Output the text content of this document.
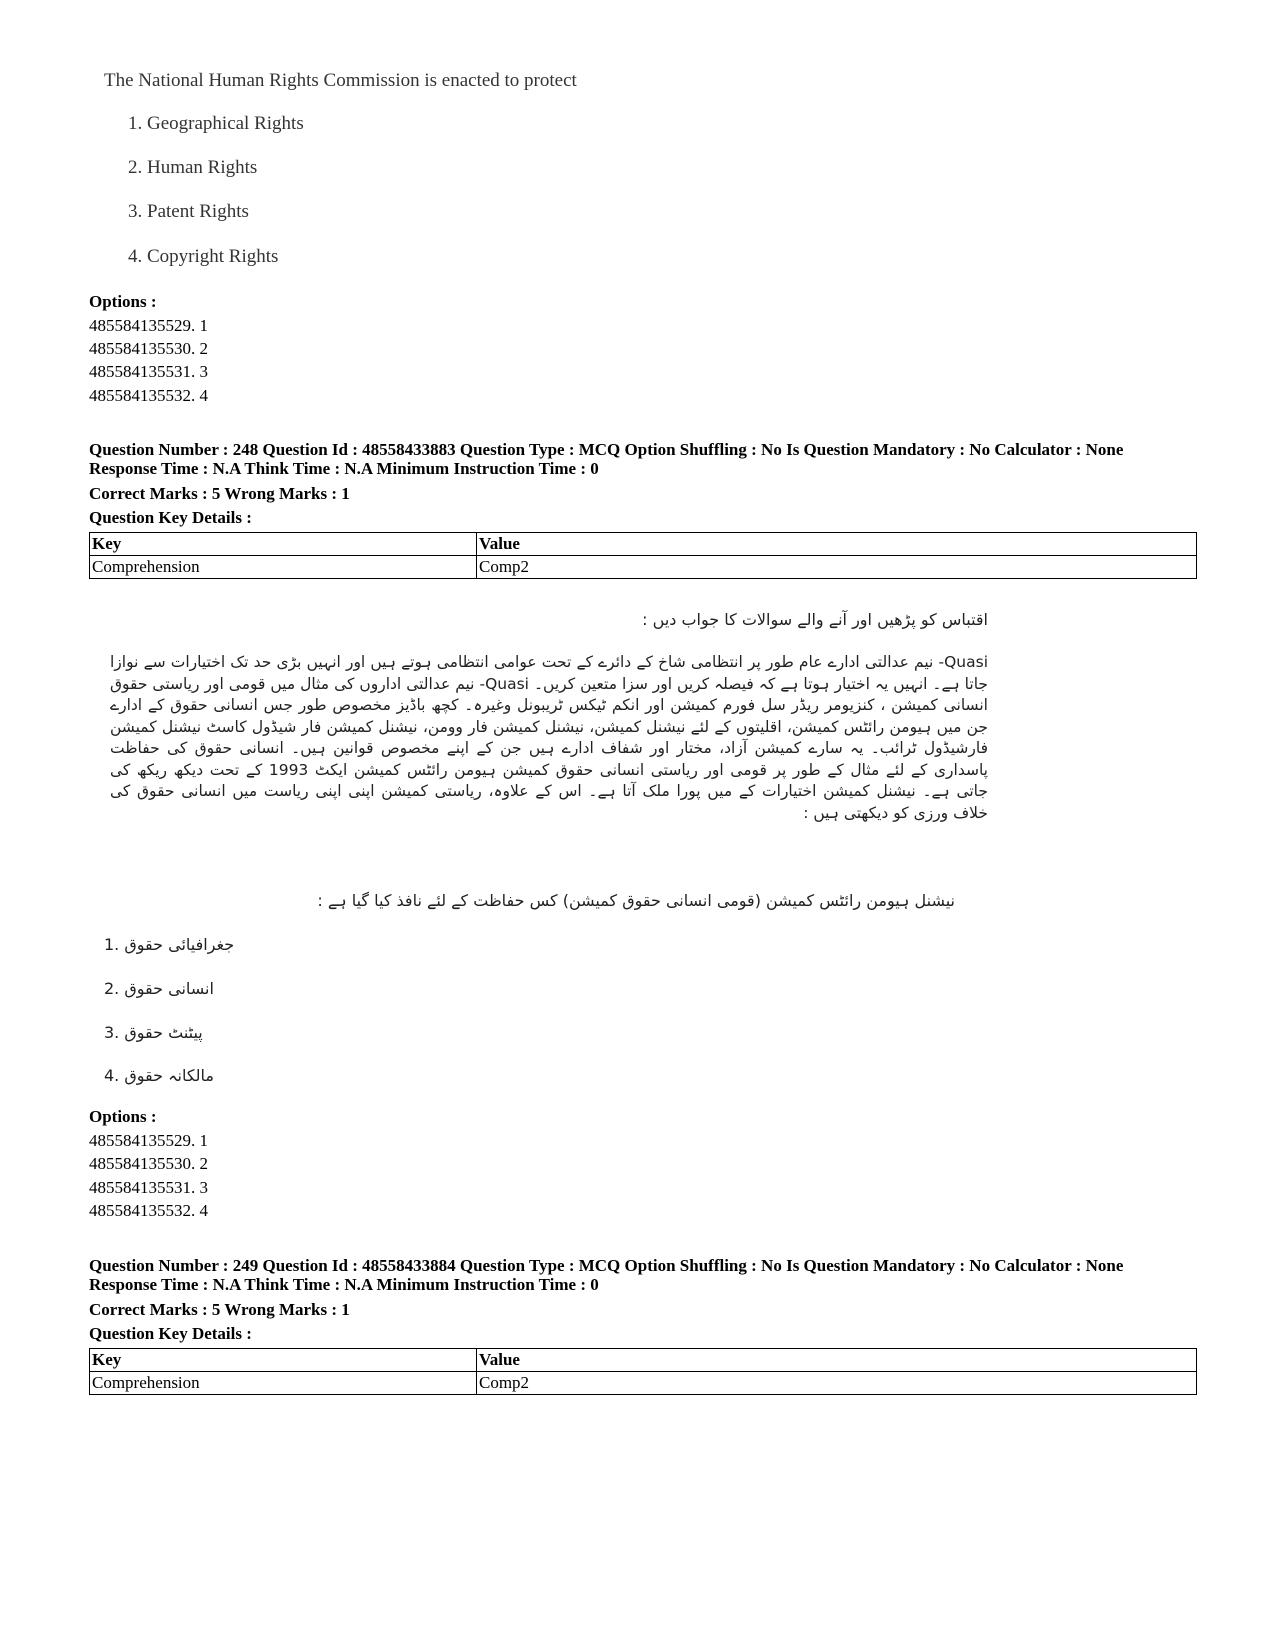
The National Human Rights Commission is enacted to protect
1. Geographical Rights
2. Human Rights
3. Patent Rights
4. Copyright Rights
Options :
485584135529. 1
485584135530. 2
485584135531. 3
485584135532. 4
Question Number : 248 Question Id : 48558433883 Question Type : MCQ Option Shuffling : No Is Question Mandatory : No Calculator : None
Response Time : N.A Think Time : N.A Minimum Instruction Time : 0
Correct Marks : 5 Wrong Marks : 1
Question Key Details :
Key	Value
Comprehension	Comp2
اقتباس کو پڑھیں اور آنے والے سوالات کا جواب دیں :
Quasi- نیم عدالتی ادارے عام طور پر انتظامی شاخ کے دائرے کے تحت عوامی انتظامی ہوتے ہیں اور انہیں بڑی حد تک اختیارات سے نوازا جاتا ہے۔ انہیں یہ اختیار ہوتا ہے کہ فیصلہ کریں اور سزا متعین کریں۔ Quasi- نیم عدالتی اداروں کی مثال میں قومی اور ریاستی حقوق انسانی کمیشن ، کنزیومر ریڈر سل فورم کمیشن اور انکم ٹیکس ٹریبونل وغیرہ۔ کچھ باڈیز مخصوص طور جس انسانی حقوق کے ادارے جن میں ہیومن رائٹس کمیشن، اقلیتوں کے لئے نیشنل کمیشن، نیشنل کمیشن فار وومن، نیشنل کمیشن فار شیڈول کاسٹ نیشنل کمیشن فارشیڈول ٹرائب۔ یہ سارے کمیشن آزاد، مختار اور شفاف ادارے ہیں جن کے اپنے مخصوص قوانین ہیں۔ انسانی حقوق کی حفاظت پاسداری کے لئے مثال کے طور پر قومی اور ریاستی انسانی حقوق کمیشن ہیومن رائٹس کمیشن ایکٹ 1993 کے تحت دیکھ ریکھ کی جاتی ہے۔ نیشنل کمیشن اختیارات کے میں پورا ملک آتا ہے۔ اس کے علاوہ، ریاستی کمیشن اپنی اپنی ریاست میں انسانی حقوق کی خلاف ورزی کو دیکھتی ہیں :
نیشنل ہیومن رائٹس کمیشن (قومی انسانی حقوق کمیشن) کس حفاظت کے لئے نافذ کیا گیا ہے :
1. جغرافیائی حقوق
2. انسانی حقوق
3. پیٹنٹ حقوق
4. مالکانہ حقوق
Options :
485584135529. 1
485584135530. 2
485584135531. 3
485584135532. 4
Question Number : 249 Question Id : 48558433884 Question Type : MCQ Option Shuffling : No Is Question Mandatory : No Calculator : None
Response Time : N.A Think Time : N.A Minimum Instruction Time : 0
Correct Marks : 5 Wrong Marks : 1
Question Key Details :
Key	Value
Comprehension	Comp2
